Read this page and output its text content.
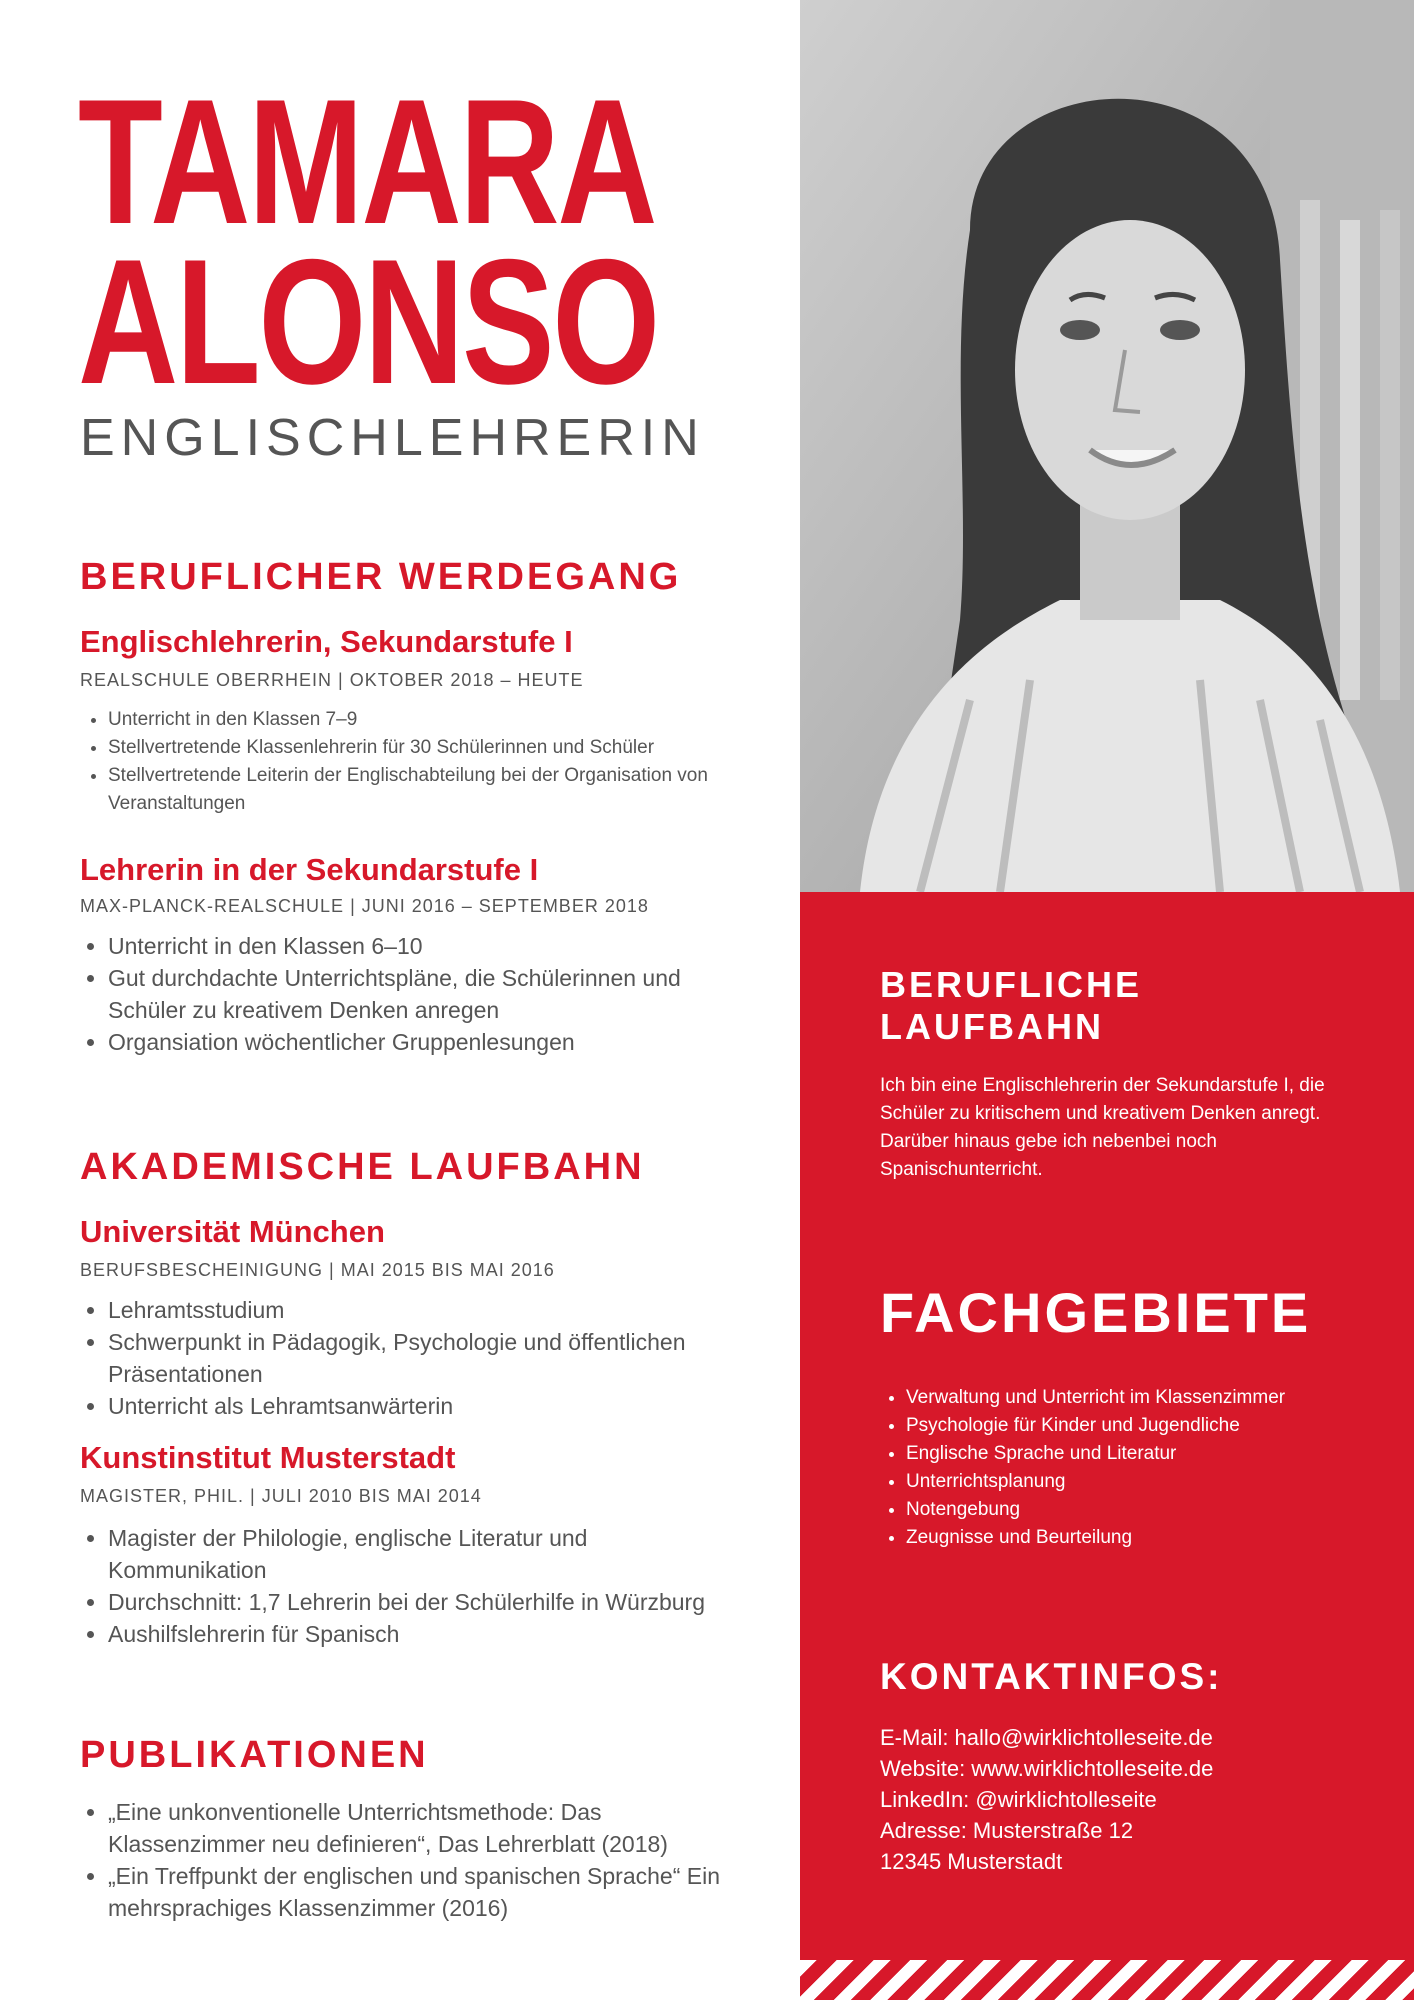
TAMARA
ALONSO
ENGLISCHLEHRERIN
BERUFLICHER WERDEGANG
Englischlehrerin, Sekundarstufe I
REALSCHULE OBERRHEIN | OKTOBER 2018 – HEUTE
• Unterricht in den Klassen 7–9
• Stellvertretende Klassenlehrerin für 30 Schülerinnen und Schüler
• Stellvertretende Leiterin der Englischabteilung bei der Organisation von Veranstaltungen
Lehrerin in der Sekundarstufe I
MAX-PLANCK-REALSCHULE | JUNI 2016 – SEPTEMBER 2018
• Unterricht in den Klassen 6–10
• Gut durchdachte Unterrichtspläne, die Schülerinnen und Schüler zu kreativem Denken anregen
• Organsiation wöchentlicher Gruppenlesungen
AKADEMISCHE LAUFBAHN
Universität München
BERUFSBESCHEINIGUNG | MAI 2015 BIS MAI 2016
• Lehramtsstudium
• Schwerpunkt in Pädagogik, Psychologie und öffentlichen Präsentationen
• Unterricht als Lehramtsanwärterin
Kunstinstitut Musterstadt
MAGISTER, PHIL. | JULI 2010 BIS MAI 2014
• Magister der Philologie, englische Literatur und Kommunikation
• Durchschnitt: 1,7 Lehrerin bei der Schülerhilfe in Würzburg
• Aushilfslehrerin für Spanisch
PUBLIKATIONEN
• „Eine unkonventionelle Unterrichtsmethode: Das Klassenzimmer neu definieren“, Das Lehrerblatt (2018)
• „Ein Treffpunkt der englischen und spanischen Sprache“ Ein mehrsprachiges Klassenzimmer (2016)
BERUFLICHE
LAUFBAHN
Ich bin eine Englischlehrerin der Sekundarstufe I, die Schüler zu kritischem und kreativem Denken anregt. Darüber hinaus gebe ich nebenbei noch Spanischunterricht.
FACHGEBIETE
• Verwaltung und Unterricht im Klassenzimmer
• Psychologie für Kinder und Jugendliche
• Englische Sprache und Literatur
• Unterrichtsplanung
• Notengebung
• Zeugnisse und Beurteilung
KONTAKTINFOS:
E-Mail: hallo@wirklichtolleseite.de
Website: www.wirklichtolleseite.de
LinkedIn: @wirklichtolleseite
Adresse: Musterstraße 12
12345 Musterstadt
